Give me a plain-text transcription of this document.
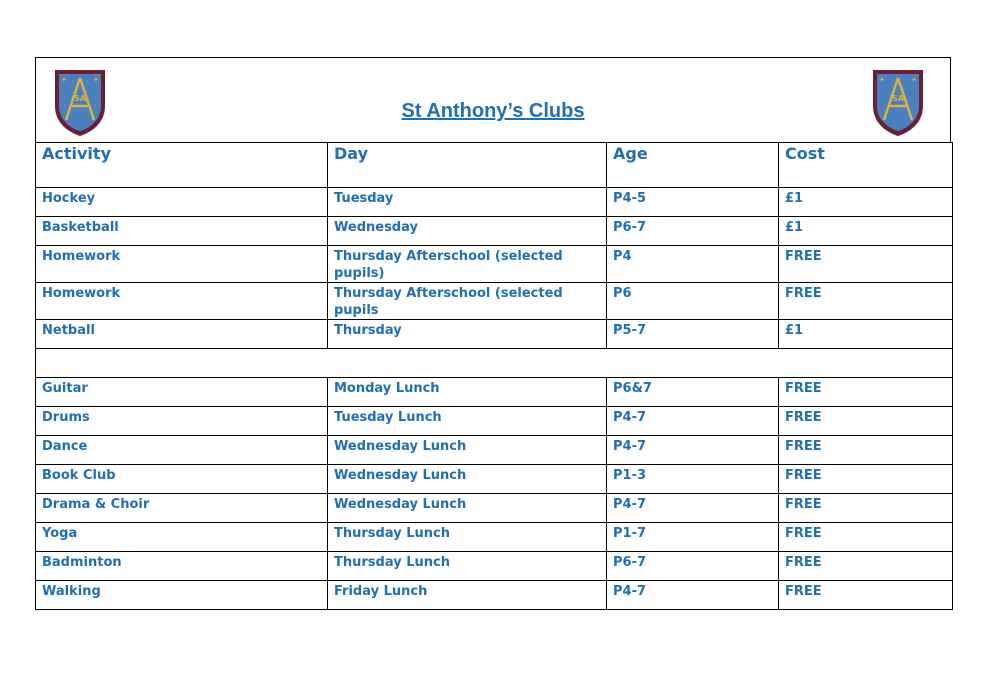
✦	✦
SA
St Anthony’s Clubs
✦	✦
SA
Activity	Day	Age	Cost
Hockey	Tuesday	P4-5	£1
Basketball	Wednesday	P6-7	£1
Homework	Thursday Afterschool (selected pupils)	P4	FREE
Homework	Thursday Afterschool (selected pupils	P6	FREE
Netball	Thursday	P5-7	£1

Guitar	Monday Lunch	P6&7	FREE
Drums	Tuesday Lunch	P4-7	FREE
Dance	Wednesday Lunch	P4-7	FREE
Book Club	Wednesday Lunch	P1-3	FREE
Drama & Choir	Wednesday Lunch	P4-7	FREE
Yoga	Thursday Lunch	P1-7	FREE
Badminton	Thursday Lunch	P6-7	FREE
Walking	Friday Lunch	P4-7	FREE
